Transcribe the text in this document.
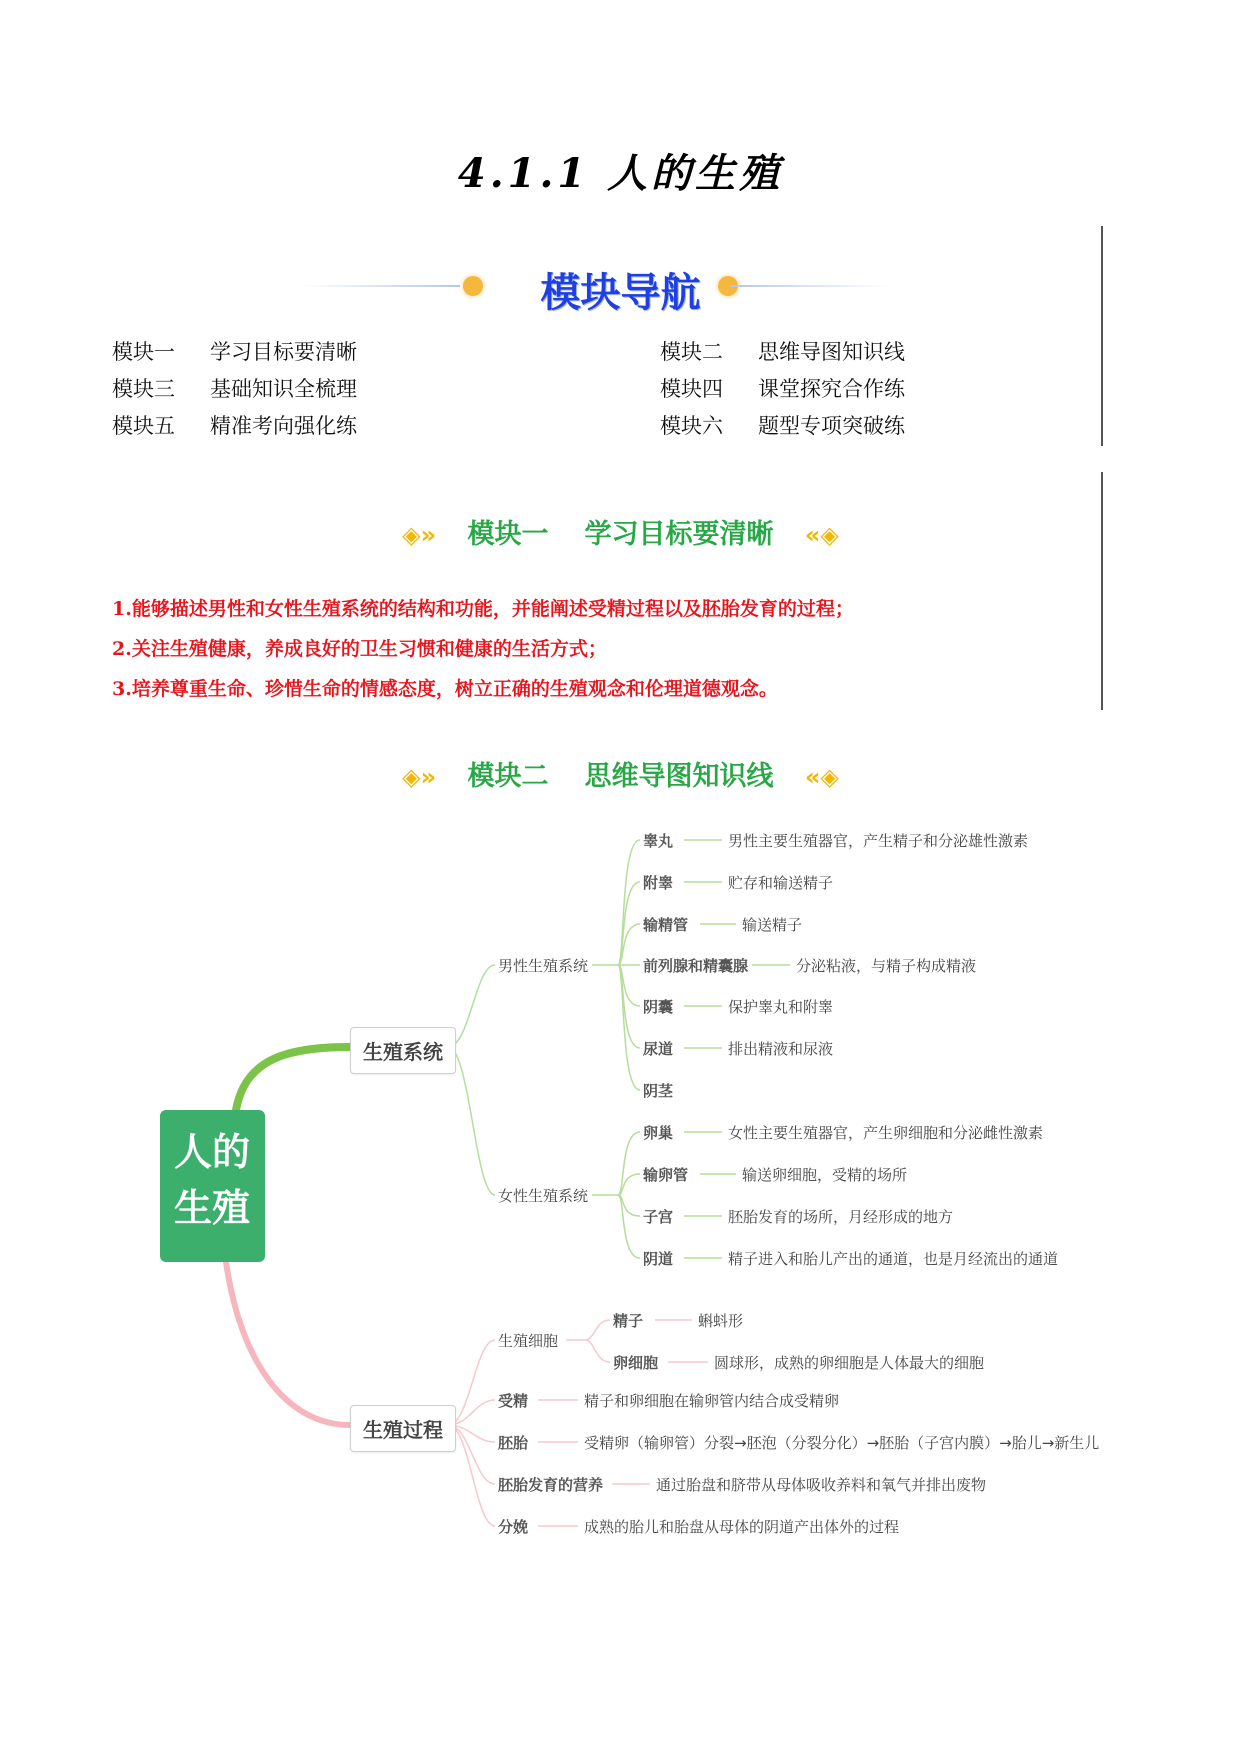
4.1.1 人的生殖
模块导航
模块一 学习目标要清晰	模块二 思维导图知识线
模块三 基础知识全梳理	模块四 课堂探究合作练
模块五 精准考向强化练	模块六 题型专项突破练
◈» 模块一 学习目标要清晰 «◈
1.能够描述男性和女性生殖系统的结构和功能，并能阐述受精过程以及胚胎发育的过程；
2.关注生殖健康，养成良好的卫生习惯和健康的生活方式；
3.培养尊重生命、珍惜生命的情感态度，树立正确的生殖观念和伦理道德观念。
◈» 模块二 思维导图知识线 «◈
人的
生殖
生殖系统
生殖过程
男性生殖系统
睾丸	男性主要生殖器官，产生精子和分泌雄性激素
附睾	贮存和输送精子
输精管	输送精子
前列腺和精囊腺	分泌粘液，与精子构成精液
阴囊	保护睾丸和附睾
尿道	排出精液和尿液
阴茎
女性生殖系统
卵巢	女性主要生殖器官，产生卵细胞和分泌雌性激素
输卵管	输送卵细胞，受精的场所
子宫	胚胎发育的场所，月经形成的地方
阴道	精子进入和胎儿产出的通道，也是月经流出的通道
生殖细胞
精子	蝌蚪形
卵细胞	圆球形，成熟的卵细胞是人体最大的细胞
受精	精子和卵细胞在输卵管内结合成受精卵
胚胎	受精卵（输卵管）分裂→胚泡（分裂分化）→胚胎（子宫内膜）→胎儿→新生儿
胚胎发育的营养	通过胎盘和脐带从母体吸收养料和氧气并排出废物
分娩	成熟的胎儿和胎盘从母体的阴道产出体外的过程
